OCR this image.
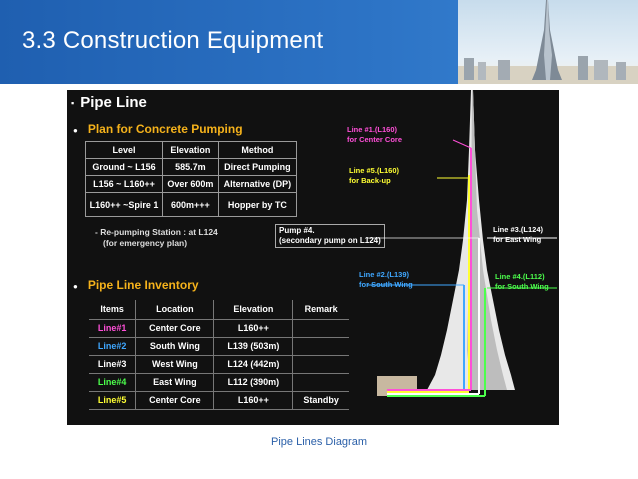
3.3 Construction Equipment
▪ Pipe Line
● Plan for Concrete Pumping
Level	Elevation	Method
Ground ~ L156	585.7m	Direct Pumping
L156 ~ L160++	Over 600m	Alternative (DP)
L160++ ~Spire 1	600m+++	Hopper by TC
- Re-pumping Station : at L124
(for emergency plan)
Pump #4.
(secondary pump on L124)
● Pipe Line Inventory
Items	Location	Elevation	Remark
Line#1	Center Core	L160++	
Line#2	South Wing	L139 (503m)	
Line#3	West Wing	L124 (442m)	
Line#4	East Wing	L112 (390m)	
Line#5	Center Core	L160++	Standby
Line #1.(L160)
for Center Core
Line #5.(L160)
for Back-up
Line #3.(L124)
for East Wing
Line #2.(L139)
for South Wing
Line #4.(L112)
for South Wing
Pipe Lines Diagram
